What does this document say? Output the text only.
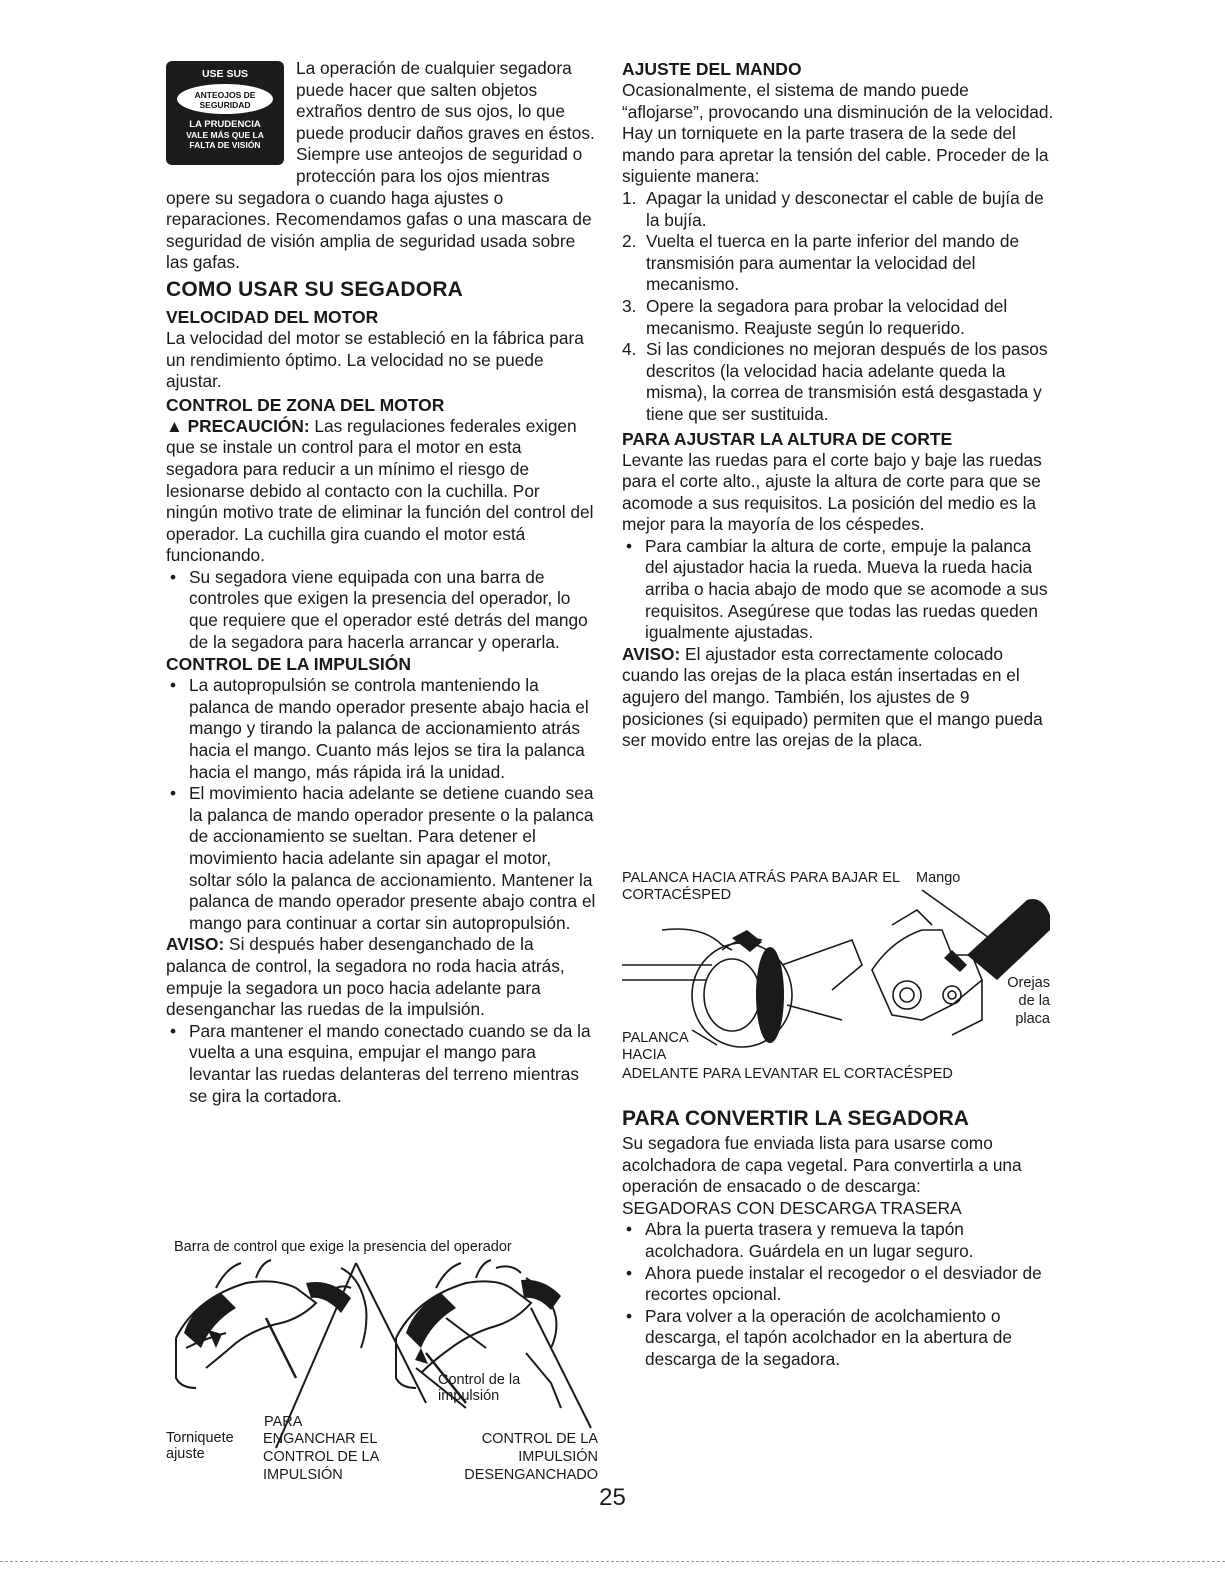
USE SUS
ANTEOJOS DE
SEGURIDAD
LA PRUDENCIA
VALE MÁS QUE LA
FALTA DE VISIÓN

La operación de cualquier segadora puede hacer que salten objetos extraños dentro de sus ojos, lo que puede producir daños graves en éstos. Siempre use anteojos de seguridad o protección para los ojos mientras opere su segadora o cuando haga ajustes o reparaciones. Recomendamos gafas o una mascara de seguridad de visión amplia de seguridad usada sobre las gafas.

COMO USAR SU SEGADORA
VELOCIDAD DEL MOTOR

La velocidad del motor se estableció en la fábrica para un rendimiento óptimo. La velocidad no se puede ajustar.

CONTROL DE ZONA DEL MOTOR

▲ PRECAUCIÓN: Las regulaciones federales exigen que se instale un control para el motor en esta segadora para reducir a un mínimo el riesgo de lesionarse debido al contacto con la cuchilla. Por ningún motivo trate de eliminar la función del control del operador. La cuchilla gira cuando el motor está funcionando.

• Su segadora viene equipada con una barra de controles que exigen la presencia del operador, lo que requiere que el operador esté detrás del mango de la segadora para hacerla arrancar y operarla.
CONTROL DE LA IMPULSIÓN
• La autopropulsión se controla manteniendo la palanca de mando operador presente abajo hacia el mango y tirando la palanca de accionamiento atrás hacia el mango. Cuanto más lejos se tira la palanca hacia el mango, más rápida irá la unidad.
• El movimiento hacia adelante se detiene cuando sea la palanca de mando operador presente o la palanca de accionamiento se sueltan. Para detener el movimiento hacia adelante sin apagar el motor, soltar sólo la palanca de accionamiento. Mantener la palanca de mando operador presente abajo contra el mango para continuar a cortar sin autopropulsión.

AVISO: Si después haber desenganchado de la palanca de control, la segadora no roda hacia atrás, empuje la segadora un poco hacia adelante para desenganchar las ruedas de la impulsión.

• Para mantener el mando conectado cuando se da la vuelta a una esquina, empujar el mango para levantar las ruedas delanteras del terreno mientras se gira la cortadora.
Barra de control que exige la presencia del operador
Control de la impulsión
PARA
Torniquete ajuste
ENGANCHAR EL CONTROL DE LA IMPULSIÓN
CONTROL DE LA IMPULSIÓN DESENGANCHADO
AJUSTE DEL MANDO

Ocasionalmente, el sistema de mando puede “aflojarse”, provocando una disminución de la velocidad. Hay un torniquete en la parte trasera de la sede del mando para apretar la tensión del cable. Proceder de la siguiente manera:

1. Apagar la unidad y desconectar el cable de bujía de la bujía.
2. Vuelta el tuerca en la parte inferior del mando de transmisión para aumentar la velocidad del mecanismo.
3. Opere la segadora para probar la velocidad del mecanismo. Reajuste según lo requerido.
4. Si las condiciones no mejoran después de los pasos descritos (la velocidad hacia adelante queda la misma), la correa de transmisión está desgastada y tiene que ser sustituida.
PARA AJUSTAR LA ALTURA DE CORTE

Levante las ruedas para el corte bajo y baje las ruedas para el corte alto., ajuste la altura de corte para que se acomode a sus requisitos. La posición del medio es la mejor para la mayoría de los céspedes.

• Para cambiar la altura de corte, empuje la palanca del ajustador hacia la rueda. Mueva la rueda hacia arriba o hacia abajo de modo que se acomode a sus requisitos. Asegúrese que todas las ruedas queden igualmente ajustadas.

AVISO: El ajustador esta correctamente colocado cuando las orejas de la placa están insertadas en el agujero del mango. También, los ajustes de 9 posiciones (si equipado) permiten que el mango pueda ser movido entre las orejas de la placa.

PALANCA HACIA ATRÁS PARA BAJAR EL CORTACÉSPED
Mango
Orejas de la placa
PALANCA HACIA
ADELANTE PARA LEVANTAR EL CORTACÉSPED
PARA CONVERTIR LA SEGADORA

Su segadora fue enviada lista para usarse como acolchadora de capa vegetal. Para convertirla a una operación de ensacado o de descarga:

SEGADORAS CON DESCARGA TRASERA

• Abra la puerta trasera y remueva la tapón acolchadora. Guárdela en un lugar seguro.
• Ahora puede instalar el recogedor o el desviador de recortes opcional.
• Para volver a la operación de acolchamiento o descarga, el tapón acolchador en la abertura de descarga de la segadora.
25
